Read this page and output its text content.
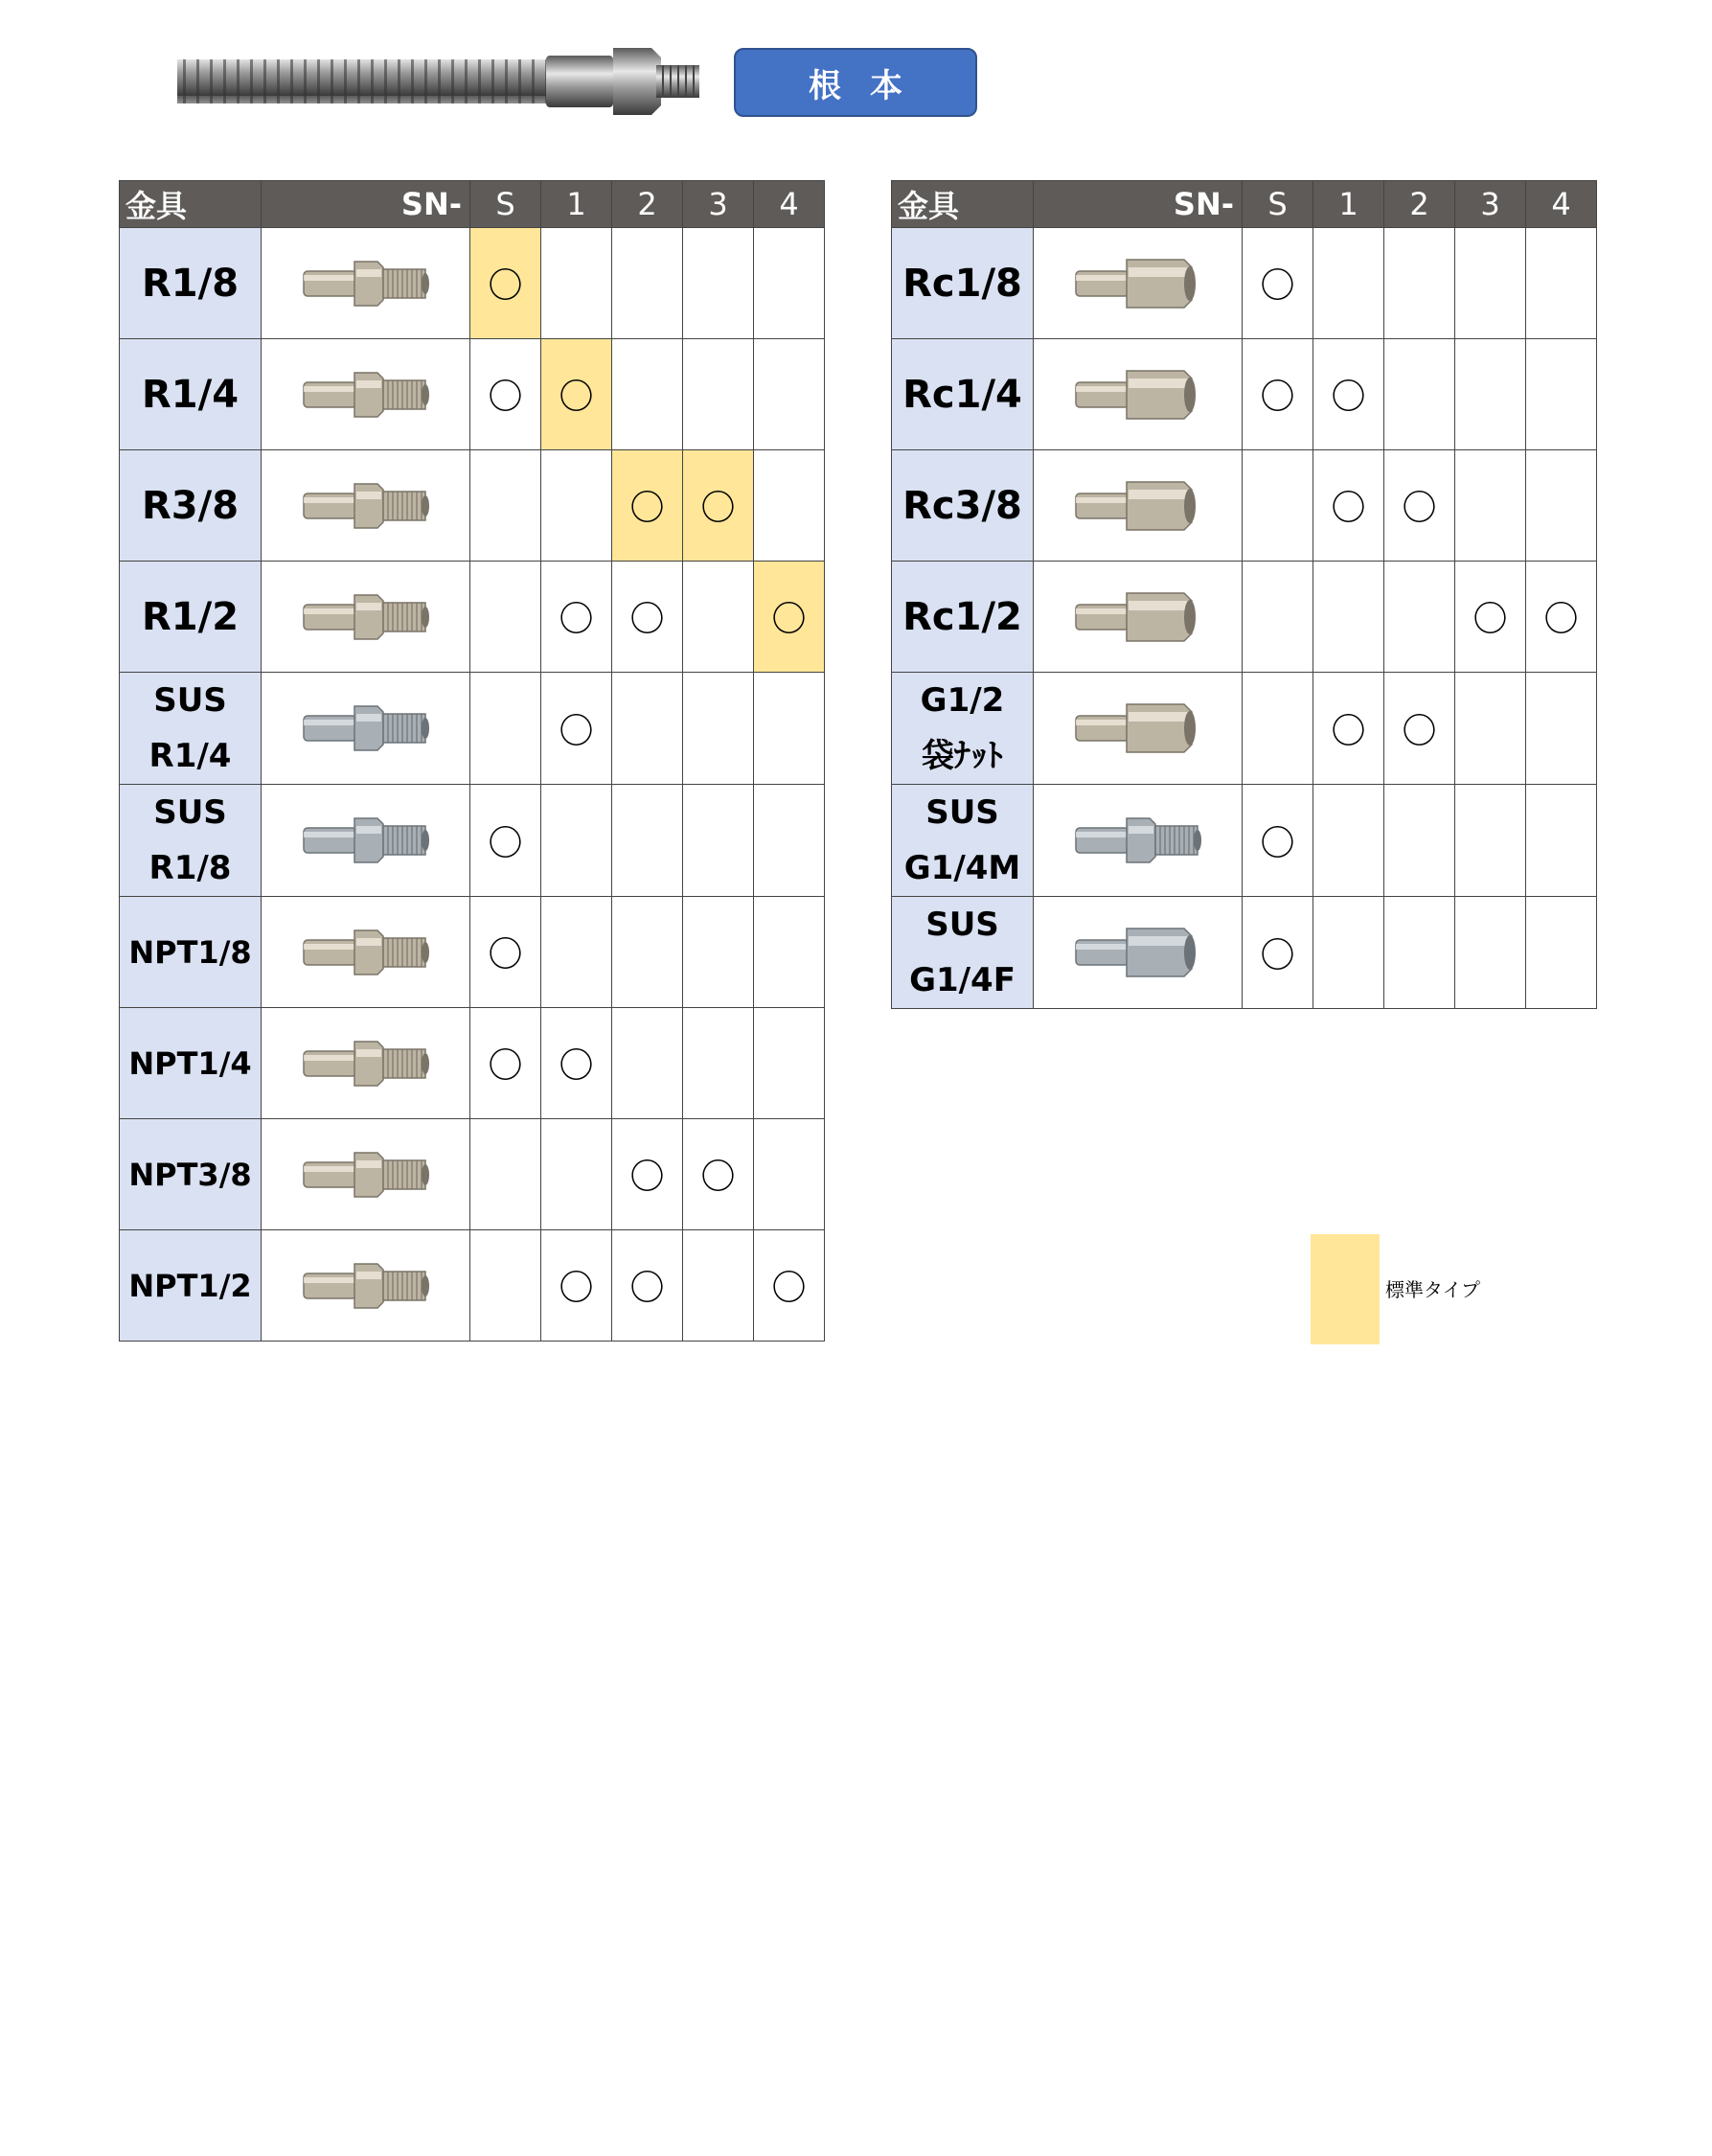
根本
金具	SN-	S	1	2	3	4

R1/8		〇				

R1/4		〇	〇			

R3/8				〇	〇	

R1/2			〇	〇		〇

SUS
R1/4			〇			

SUS
R1/8		〇				

NPT1/8		〇				

NPT1/4		〇	〇			

NPT3/8				〇	〇	

NPT1/2			〇	〇		〇
金具	SN-	S	1	2	3	4

Rc1/8		〇				

Rc1/4		〇	〇			

Rc3/8			〇	〇		

Rc1/2					〇	〇

G1/2
袋ﾅｯﾄ			〇	〇		

SUS
G1/4M		〇				

SUS
G1/4F		〇				
標準タイプ
